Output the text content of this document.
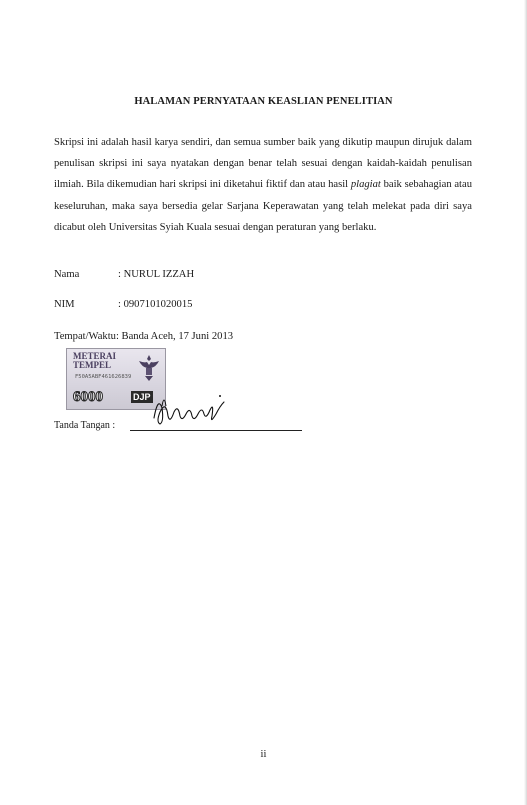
HALAMAN PERNYATAAN KEASLIAN PENELITIAN

Skripsi ini adalah hasil karya sendiri, dan semua sumber baik yang dikutip maupun dirujuk dalam penulisan skripsi ini saya nyatakan dengan benar telah sesuai dengan kaidah-kaidah penulisan ilmiah. Bila dikemudian hari skripsi ini diketahui fiktif dan atau hasil plagiat baik sebahagian atau keseluruhan, maka saya bersedia gelar Sarjana Keperawatan yang telah melekat pada diri saya dicabut oleh Universitas Syiah Kuala sesuai dengan peraturan yang berlaku.

Nama	: NURUL IZZAH
NIM	: 0907101020015
Tempat/Waktu: Banda Aceh, 17 Juni 2013
METERAI
TEMPEL
F50A5ABF461626839
6000	DJP
Tanda Tangan :
ii
